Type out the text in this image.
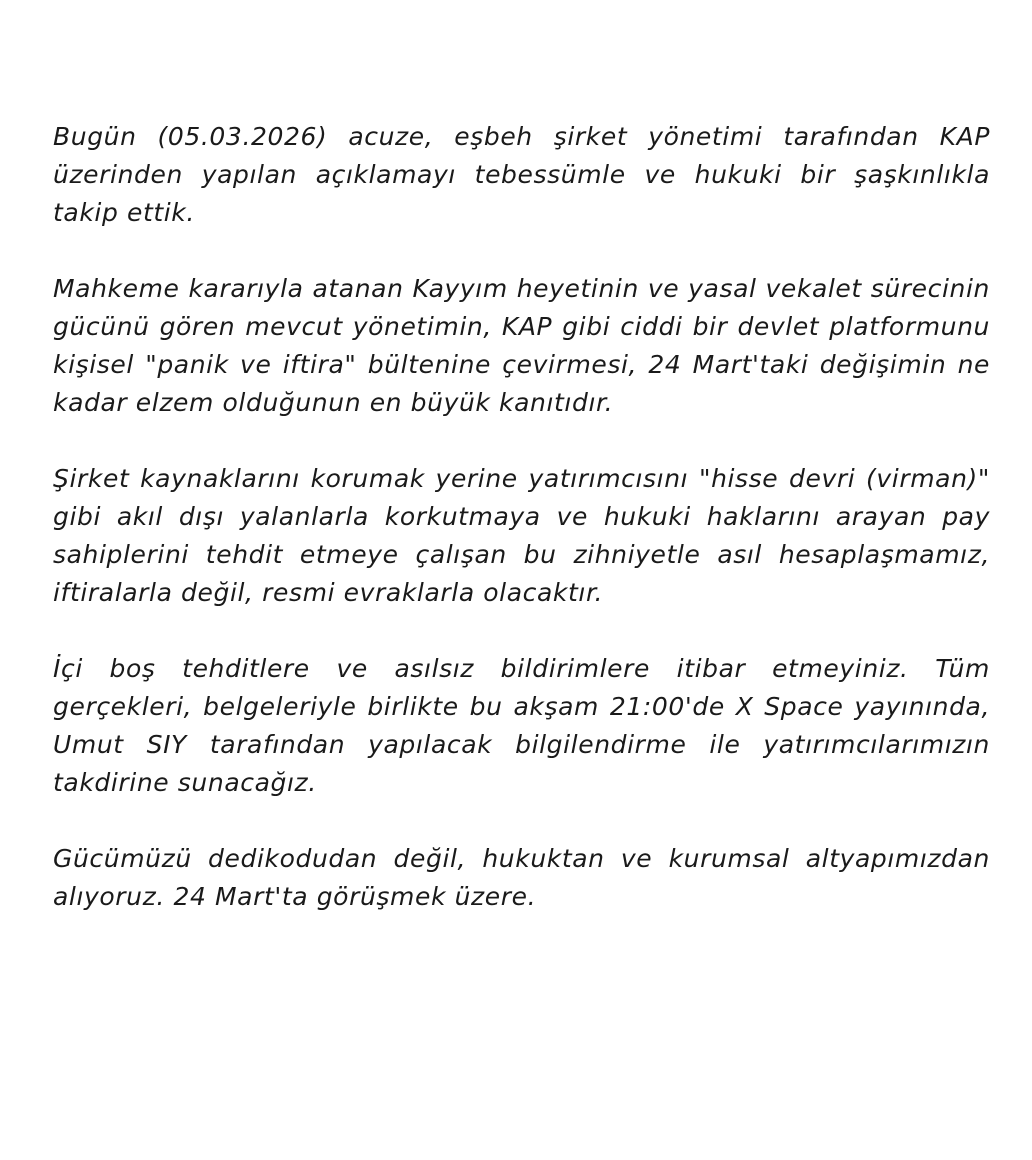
Bugün (05.03.2026) acuze, eşbeh şirket yönetimi tarafından KAP üzerinden yapılan açıklamayı tebessümle ve hukuki bir şaşkınlıkla takip ettik.

Mahkeme kararıyla atanan Kayyım heyetinin ve yasal vekalet sürecinin gücünü gören mevcut yönetimin, KAP gibi ciddi bir devlet platformunu kişisel "panik ve iftira" bültenine çevirmesi, 24 Mart'taki değişimin ne kadar elzem olduğunun en büyük kanıtıdır.

Şirket kaynaklarını korumak yerine yatırımcısını "hisse devri (virman)" gibi akıl dışı yalanlarla korkutmaya ve hukuki haklarını arayan pay sahiplerini tehdit etmeye çalışan bu zihniyetle asıl hesaplaşmamız, iftiralarla değil, resmi evraklarla olacaktır.

İçi boş tehditlere ve asılsız bildirimlere itibar etmeyiniz. Tüm gerçekleri, belgeleriyle birlikte bu akşam 21:00'de X Space yayınında, Umut SIY tarafından yapılacak bilgilendirme ile yatırımcılarımızın takdirine sunacağız.

Gücümüzü dedikodudan değil, hukuktan ve kurumsal altyapımızdan alıyoruz. 24 Mart'ta görüşmek üzere.
